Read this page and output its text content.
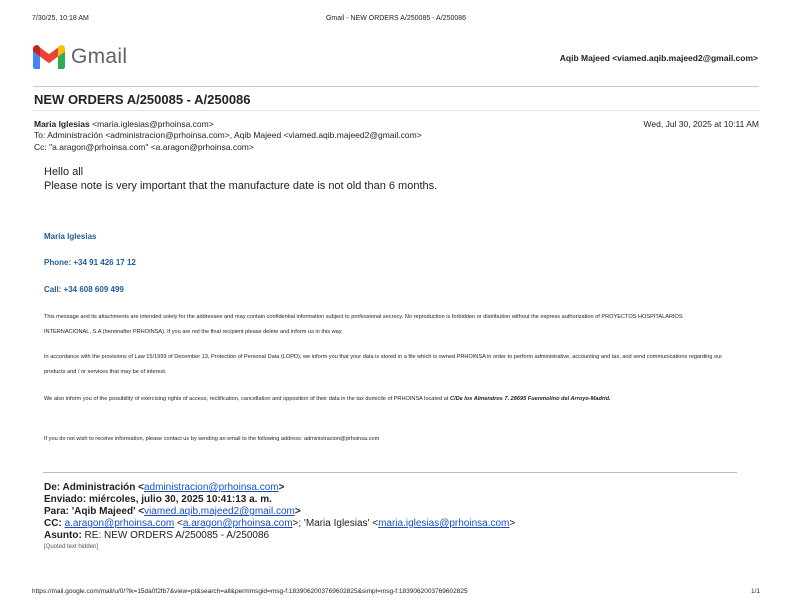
7/30/25, 10:18 AM	Gmail - NEW ORDERS A/250085 - A/250086
Gmail	Aqib Majeed <viamed.aqib.majeed2@gmail.com>
NEW ORDERS A/250085 - A/250086
Maria Iglesias <maria.iglesias@prhoinsa.com>	Wed, Jul 30, 2025 at 10:11 AM
To: Administración <administracion@prhoinsa.com>, Aqib Majeed <viamed.aqib.majeed2@gmail.com>
Cc: "a.aragon@prhoinsa.com" <a.aragon@prhoinsa.com>
Hello all
Please note is very important that the manufacture date is not old than 6 months.
Maria Iglesias
Phone: +34 91 426 17 12
Call: +34 608 609 499
This message and its attachments are intended solely for the addressee and may contain confidential information subject to professional secrecy. No reproduction is forbidden or distribution without the express authorization of PROYECTOS HOSPITALARIOS INTERNACIONAL, S.A (hereinafter PRHOINSA). If you are not the final recipient please delete and inform us in this way.
In accordance with the provisions of Law 15/1999 of December 13, Protection of Personal Data (LOPD), we inform you that your data is stored in a file which is owned PRHOINSA in order to perform administrative, accounting and tax, and send communications regarding our products and / or services that may be of interest.
We also inform you of the possibility of exercising rights of access, rectification, cancellation and opposition of their data in the tax domicile of PRHOINSA located at C/De los Almendros 7. 28695 Fuenmolino del Arroyo-Madrid.
If you do not wish to receive information, please contact us by sending an email to the following address: administracion@prhoinsa.com
De: Administración <administracion@prhoinsa.com>
Enviado: miércoles, julio 30, 2025 10:41:13 a. m.
Para: 'Aqib Majeed' <viamed.aqib.majeed2@gmail.com>
CC: a.aragon@prhoinsa.com <a.aragon@prhoinsa.com>; 'Maria Iglesias' <maria.iglesias@prhoinsa.com>
Asunto: RE: NEW ORDERS A/250085 - A/250086
[Quoted text hidden]
https://mail.google.com/mail/u/0/?ik=15da0f2fb7&view=pt&search=all&permmsgid=msg-f:1839062003769602825&simpl=msg-f:1839062003769602825	1/1
